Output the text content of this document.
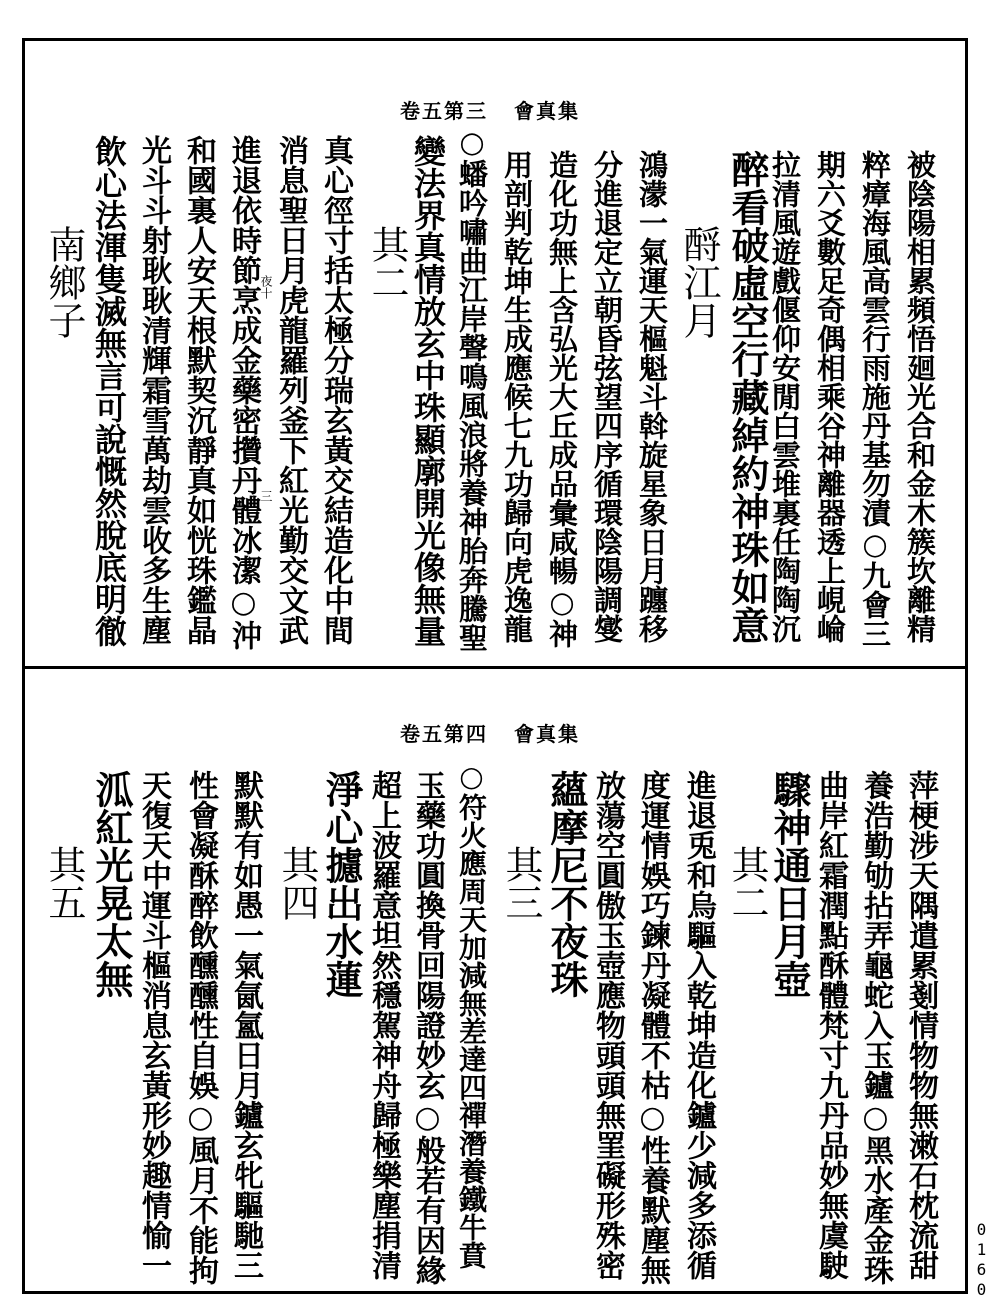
卷五第三 會真集
被陰陽相累頻悟廻光合和金木簇坎離精
粹瘴海風高雲行雨施丹基勿漬○九會三
期六爻數足奇偶相乘谷神離器透上峴崘
拉清風遊戲偃仰安閒白雲堆裏任陶陶沉
醉看破虛空行藏綽約神珠如意
酹江月
鴻濛一氣運天樞魁斗斡旋星象日月躔移
分進退定立朝昏弦望四序循環陰陽調燮
造化功無上含弘光大丘成品彙咸暢○神
用剖判乾坤生成應候七九功歸向虎逸龍
○蟠吟嘯曲江岸聲鳴風浪將養神胎奔騰聖
變法界真情放玄中珠顯廓開光像無量
其二
真心徑寸括太極分瑞玄黃交結造化中間
消息聖日月虎龍羅列釜下紅光勤交文武
進退依時節烹成金藥密攢丹體冰潔○沖
和國裏人安天根默契沉靜真如恍珠鑑晶
光斗斗射耿耿清輝霜雪萬劫雲收多生塵
飲心法渾隻滅無言可說慨然脫底明徹
南鄉子	夜十
三
卷五第四 會真集
萍梗涉天隅遣累剗情物物無潄石枕流甜
養浩勤劬拈弄龜蛇入玉鑪○黑水產金珠
曲岸紅霜潤點酥體梵寸九丹品妙無虞駛
驟神通日月壺
其二
進退兎和烏驅入乾坤造化鑪少減多添循
度運情娛巧鍊丹凝體不枯○性養默塵無
放蕩空圓傲玉壺應物頭頭無罣礙形殊密
蘊摩尼不夜珠
其三
○符火應周天加減無差達四禪潛養鐵牛賁
玉藥功圓換骨回陽證妙玄○般若有因緣
超上波羅意坦然穩駕神舟歸極樂塵捐清
淨心攄出水蓮
其四
默默有如愚一氣氤氳日月鑪玄牝驅馳三
性會凝酥醉飲醺醺性自娛○風月不能拘
天復天中運斗樞消息玄黃形妙趣情愉一
泒紅光晃太無
其五
0160
